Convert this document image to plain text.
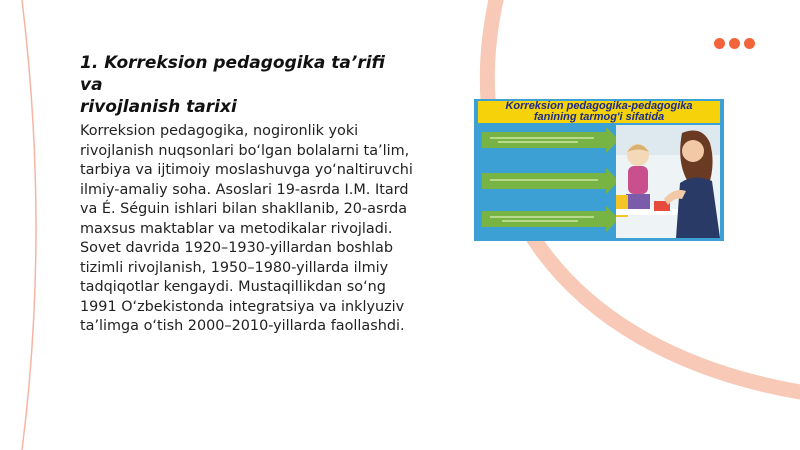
1. Korreksion pedagogika ta’rifi va
rivojlanish tarixi

Korreksion pedagogika, nogironlik yoki rivojlanish nuqsonlari bo‘lgan bolalarni ta’lim, tarbiya va ijtimoiy moslashuvga yo‘naltiruvchi ilmiy-amaliy soha. Asoslari 19-asrda I.M. Itard va É. Séguin ishlari bilan shakllanib, 20-asrda maxsus maktablar va metodikalar rivojladi. Sovet davrida 1920–1930-yillardan boshlab tizimli rivojlanish, 1950–1980-yillarda ilmiy tadqiqotlar kengaydi. Mustaqillikdan so‘ng 1991 O‘zbekistonda integratsiya va inklyuziv ta’limga o‘tish 2000–2010-yillarda faollashdi.

Korreksion pedagogika-pedagogika
fanining tarmog'i sifatida
